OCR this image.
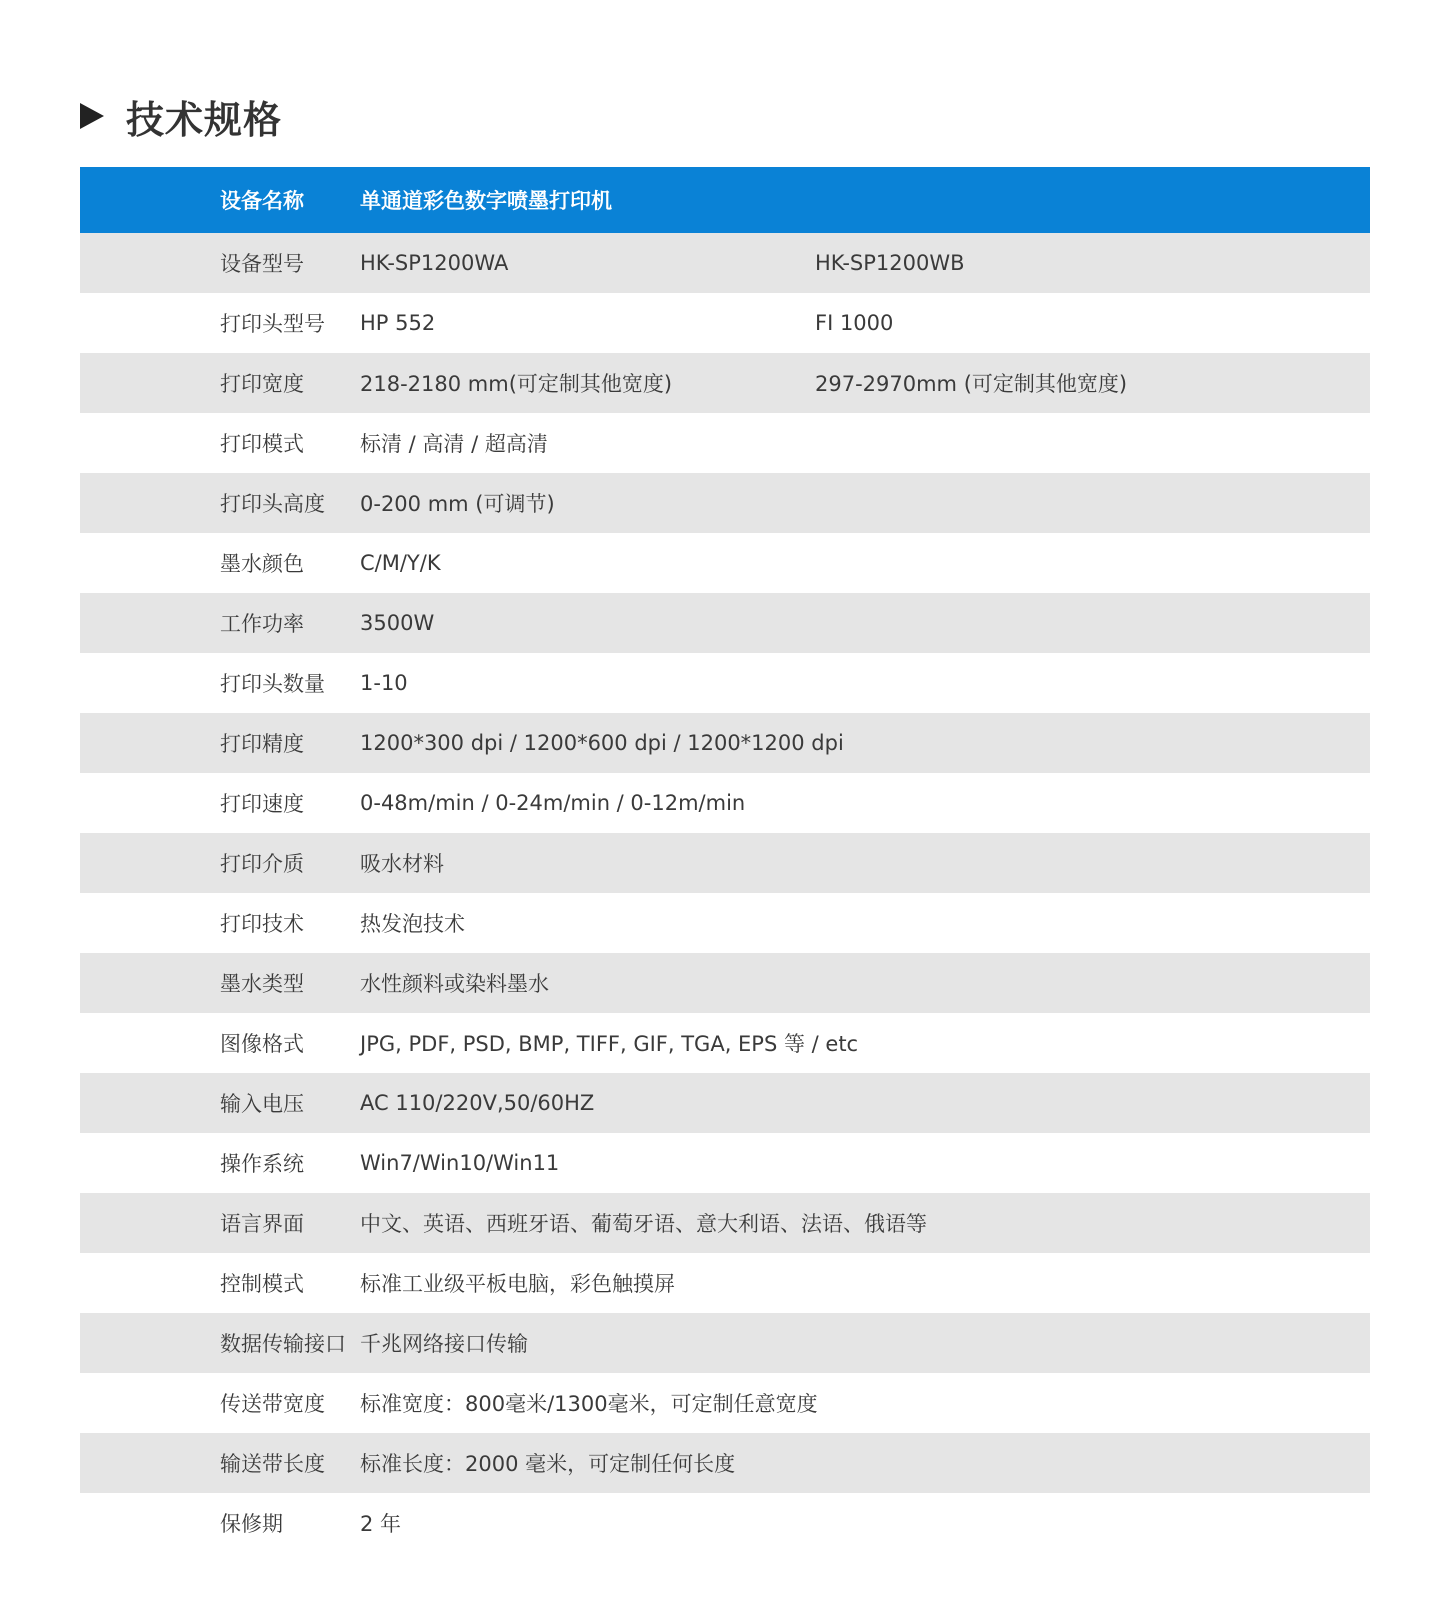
技术规格
设备名称	单通道彩色数字喷墨打印机	
设备型号	HK-SP1200WA	HK-SP1200WB
打印头型号	HP 552	FI 1000
打印宽度	218-2180 mm(可定制其他宽度)	297-2970mm (可定制其他宽度)
打印模式	标清 / 高清 / 超高清	
打印头高度	0-200 mm (可调节)	
墨水颜色	C/M/Y/K	
工作功率	3500W	
打印头数量	1-10	
打印精度	1200*300 dpi / 1200*600 dpi / 1200*1200 dpi	
打印速度	0-48m/min / 0-24m/min / 0-12m/min	
打印介质	吸水材料	
打印技术	热发泡技术	
墨水类型	水性颜料或染料墨水	
图像格式	JPG, PDF, PSD, BMP, TIFF, GIF, TGA, EPS 等 / etc	
输入电压	AC 110/220V,50/60HZ	
操作系统	Win7/Win10/Win11	
语言界面	中文、英语、西班牙语、葡萄牙语、意大利语、法语、俄语等	
控制模式	标准工业级平板电脑，彩色触摸屏	
数据传输接口	千兆网络接口传输	
传送带宽度	标准宽度：800毫米/1300毫米，可定制任意宽度	
输送带长度	标准长度：2000 毫米，可定制任何长度	
保修期	2 年	
